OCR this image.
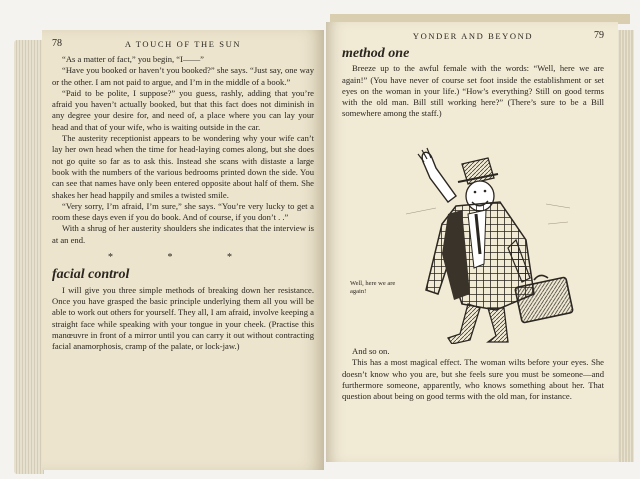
78	A TOUCH OF THE SUN

“As a matter of fact,” you begin, “I——”

“Have you booked or haven’t you booked?” she says. “Just say, one way or the other. I am not paid to argue, and I’m in the middle of a book.”

“Paid to be polite, I suppose?” you guess, rashly, adding that you’re afraid you haven’t actually booked, but that this fact does not diminish in any degree your desire for, and need of, a place where you can lay your head and that of your wife, who is waiting outside in the car.

The austerity receptionist appears to be wondering why your wife can’t lay her own head when the time for head-laying comes along, but she does not go quite so far as to ask this. Instead she scans with distaste a large book with the numbers of the various bedrooms printed down the side. You can see that names have only been entered opposite about half of them. She shakes her head happily and smiles a twisted smile.

“Very sorry, I’m afraid, I’m sure,” she says. “You’re very lucky to get a room these days even if you do book. And of course, if you don’t . .”

With a shrug of her austerity shoulders she indicates that the interview is at an end.

* * *
facial control

I will give you three simple methods of breaking down her resistance. Once you have grasped the basic principle underlying them all you will be able to work out others for yourself. They all, I am afraid, involve keeping a straight face while speaking with your tongue in your cheek. (Practise this manœuvre in front of a mirror until you can carry it out without contracting facial anamorphosis, cramp of the palate, or lock-jaw.)

YONDER AND BEYOND	79
method one

Breeze up to the awful female with the words: “Well, here we are again!” (You have never of course set foot inside the establishment or set eyes on the woman in your life.) “How’s everything? Still on good terms with the old man. Bill still working here?” (There’s sure to be a Bill somewhere among the staff.)

Well, here we are again!

And so on.

This has a most magical effect. The woman wilts before your eyes. She doesn’t know who you are, but she feels sure you must be someone—and furthermore someone, apparently, who knows something about her. That question about being on good terms with the old man, for instance.
